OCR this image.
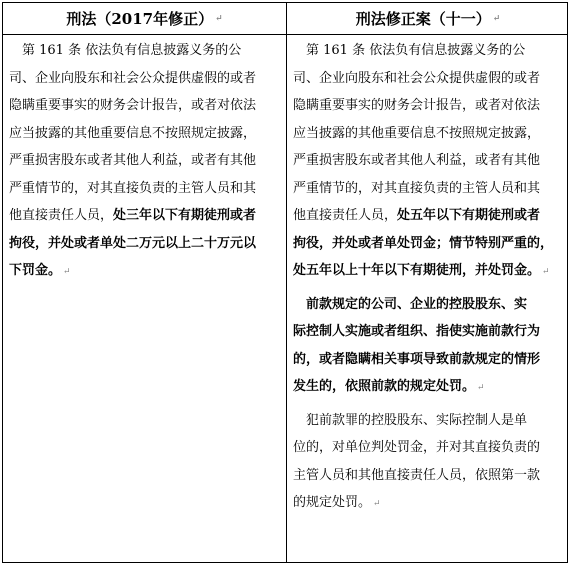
刑法（2017年修正） ↵	刑法修正案（十一） ↵
　第 161 条 依法负有信息披露义务的公
司、企业向股东和社会公众提供虚假的或者
隐瞒重要事实的财务会计报告，或者对依法
应当披露的其他重要信息不按照规定披露，
严重损害股东或者其他人利益，或者有其他
严重情节的，对其直接负责的主管人员和其
他直接责任人员，处三年以下有期徒刑或者
拘役，并处或者单处二万元以上二十万元以
下罚金。 ↵
　第 161 条 依法负有信息披露义务的公
司、企业向股东和社会公众提供虚假的或者
隐瞒重要事实的财务会计报告，或者对依法
应当披露的其他重要信息不按照规定披露，
严重损害股东或者其他人利益，或者有其他
严重情节的，对其直接负责的主管人员和其
他直接责任人员，处五年以下有期徒刑或者
拘役，并处或者单处罚金；情节特别严重的，
处五年以上十年以下有期徒刑，并处罚金。 ↵
　前款规定的公司、企业的控股股东、实
际控制人实施或者组织、指使实施前款行为
的，或者隐瞒相关事项导致前款规定的情形
发生的，依照前款的规定处罚。 ↵
　犯前款罪的控股股东、实际控制人是单
位的，对单位判处罚金，并对其直接负责的
主管人员和其他直接责任人员，依照第一款
的规定处罚。 ↵
